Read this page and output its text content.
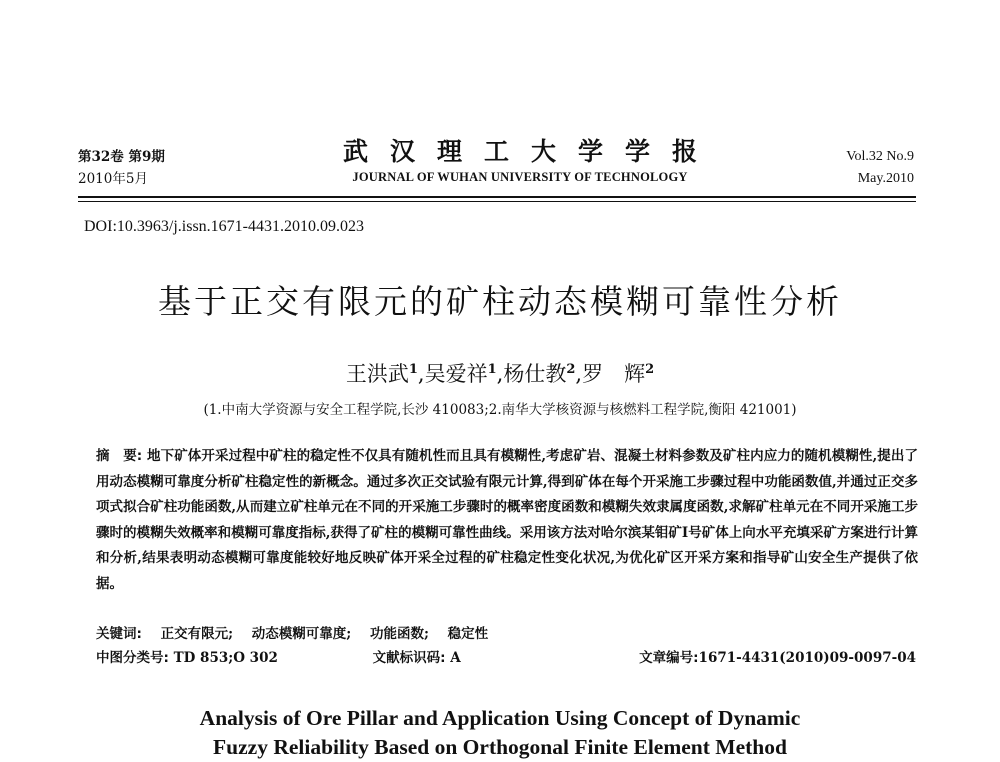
第32卷 第9期
2010年5月
武汉理工大学学报
JOURNAL OF WUHAN UNIVERSITY OF TECHNOLOGY
Vol.32 No.9
May.2010
DOI:10.3963/j.issn.1671-4431.2010.09.023
基于正交有限元的矿柱动态模糊可靠性分析
王洪武$^1$,吴爱祥$^1$,杨仕教$^2$,罗　辉$^2$
(1.中南大学资源与安全工程学院,长沙 410083;2.南华大学核资源与核燃料工程学院,衡阳 421001)
摘　要: 地下矿体开采过程中矿柱的稳定性不仅具有随机性而且具有模糊性,考虑矿岩、混凝土材料参数及矿柱内应力的随机模糊性,提出了用动态模糊可靠度分析矿柱稳定性的新概念。通过多次正交试验有限元计算,得到矿体在每个开采施工步骤过程中功能函数值,并通过正交多项式拟合矿柱功能函数,从而建立矿柱单元在不同的开采施工步骤时的概率密度函数和模糊失效隶属度函数,求解矿柱单元在不同开采施工步骤时的模糊失效概率和模糊可靠度指标,获得了矿柱的模糊可靠性曲线。采用该方法对哈尔滨某钼矿Ⅰ号矿体上向水平充填采矿方案进行计算和分析,结果表明动态模糊可靠度能较好地反映矿体开采全过程的矿柱稳定性变化状况,为优化矿区开采方案和指导矿山安全生产提供了依据。
关键词: 正交有限元; 动态模糊可靠度; 功能函数; 稳定性
中图分类号: TD 853;O 302	文献标识码: A	文章编号:1671-4431(2010)09-0097-04
Analysis of Ore Pillar and Application Using Concept of Dynamic
Fuzzy Reliability Based on Orthogonal Finite Element Method
